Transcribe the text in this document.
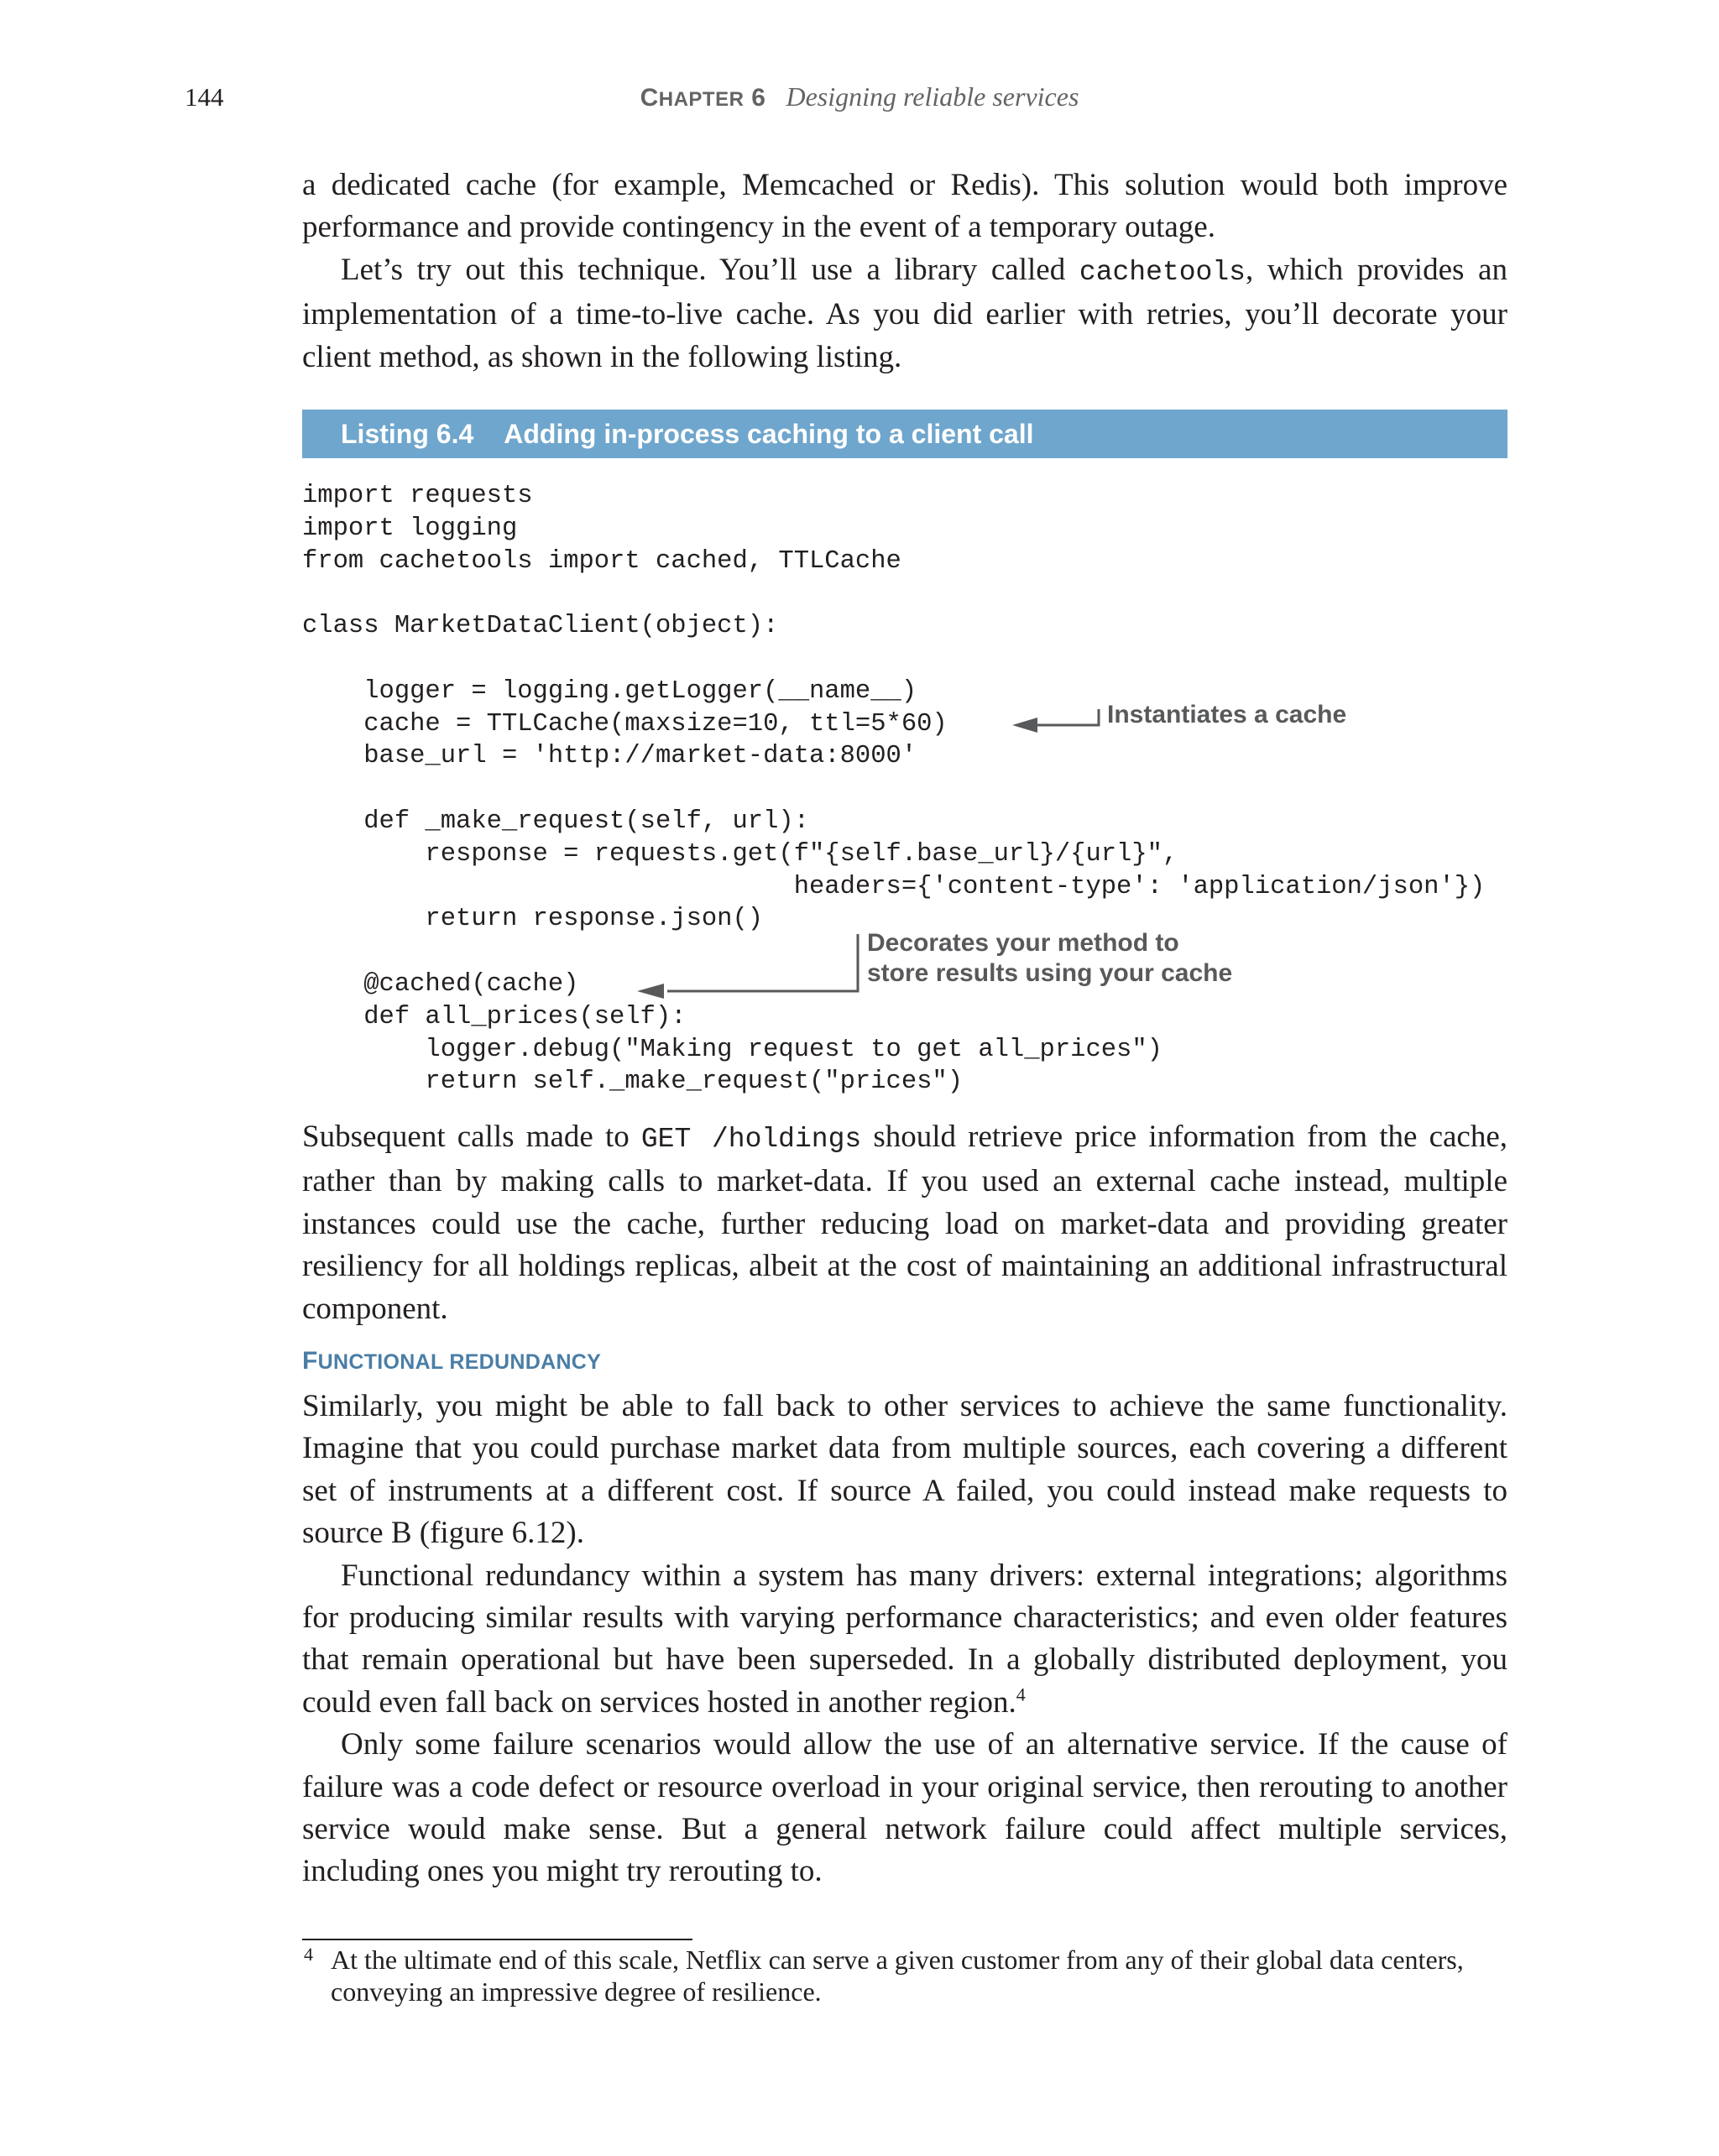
144	CHAPTER 6 Designing reliable services

a dedicated cache (for example, Memcached or Redis). This solution would both improve performance and provide contingency in the event of a temporary outage.

Let’s try out this technique. You’ll use a library called cachetools, which provides an implementation of a time-to-live cache. As you did earlier with retries, you’ll decorate your client method, as shown in the following listing.

Listing 6.4 Adding in-process caching to a client call
import requests
import logging
from cachetools import cached, TTLCache

class MarketDataClient(object):

logger = logging.getLogger(__name__)
cache = TTLCache(maxsize=10, ttl=5*60)
base_url = 'http://market-data:8000'

def _make_request(self, url):
response = requests.get(f"{self.base_url}/{url}",
headers={'content-type': 'application/json'})
return response.json()

@cached(cache)
def all_prices(self):
logger.debug("Making request to get all_prices")
return self._make_request("prices")
Instantiates a cache
Decorates your method to
store results using your cache

Subsequent calls made to GET /holdings should retrieve price information from the cache, rather than by making calls to market-data. If you used an external cache instead, multiple instances could use the cache, further reducing load on market-data and providing greater resiliency for all holdings replicas, albeit at the cost of maintaining an additional infrastructural component.

FUNCTIONAL REDUNDANCY

Similarly, you might be able to fall back to other services to achieve the same functionality. Imagine that you could purchase market data from multiple sources, each covering a different set of instruments at a different cost. If source A failed, you could instead make requests to source B (figure 6.12).

Functional redundancy within a system has many drivers: external integrations; algorithms for producing similar results with varying performance characteristics; and even older features that remain operational but have been superseded. In a globally distributed deployment, you could even fall back on services hosted in another region.$^4$

Only some failure scenarios would allow the use of an alternative service. If the cause of failure was a code defect or resource overload in your original service, then rerouting to another service would make sense. But a general network failure could affect multiple services, including ones you might try rerouting to.

4 At the ultimate end of this scale, Netflix can serve a given customer from any of their global data centers, conveying an impressive degree of resilience.
